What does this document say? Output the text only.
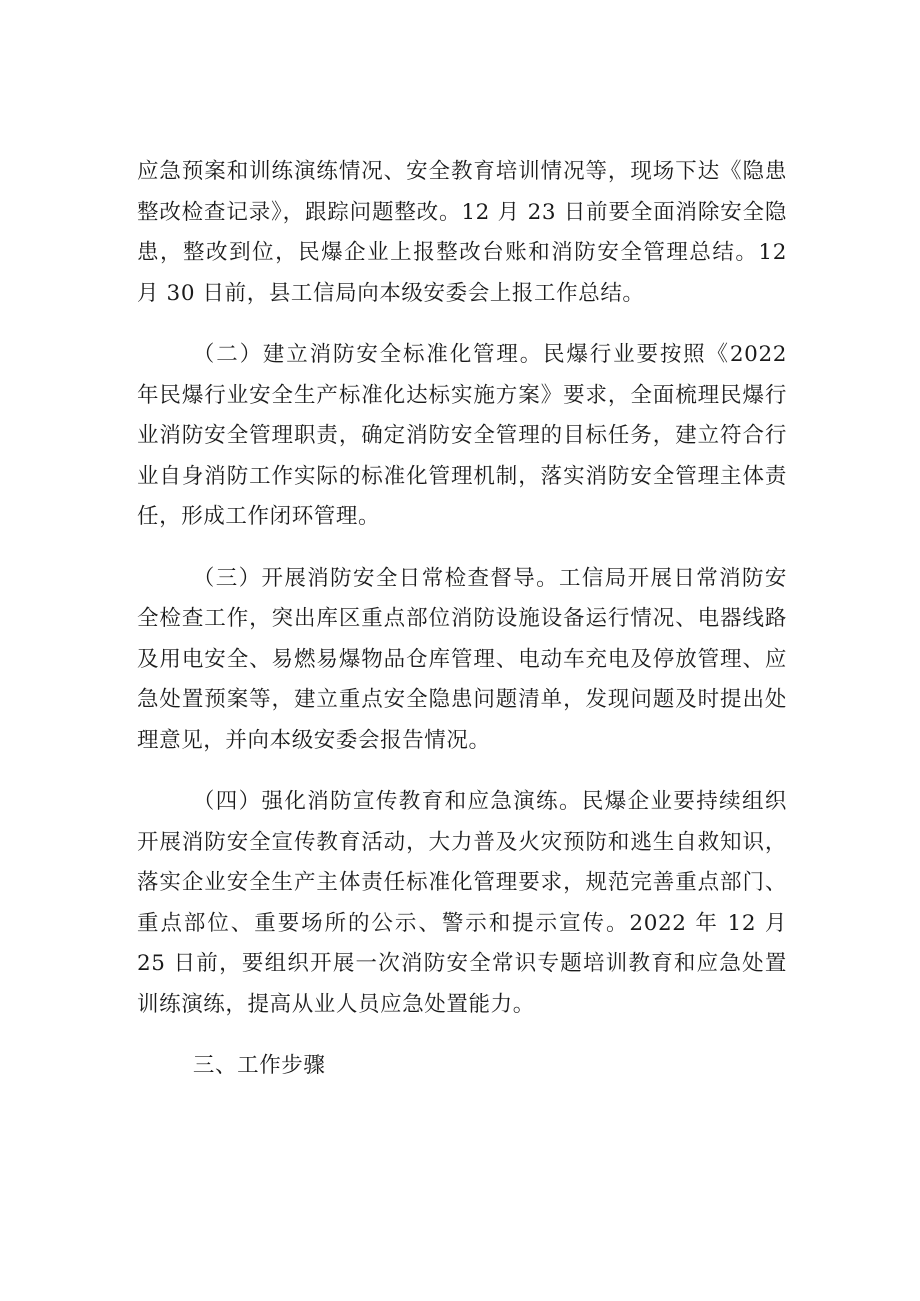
应急预案和训练演练情况、安全教育培训情况等，现场下达《隐患整改检查记录》，跟踪问题整改。12 月 23 日前要全面消除安全隐患，整改到位，民爆企业上报整改台账和消防安全管理总结。12 月 30 日前，县工信局向本级安委会上报工作总结。

（二）建立消防安全标准化管理。民爆行业要按照《2022 年民爆行业安全生产标准化达标实施方案》要求，全面梳理民爆行业消防安全管理职责，确定消防安全管理的目标任务，建立符合行业自身消防工作实际的标准化管理机制，落实消防安全管理主体责任，形成工作闭环管理。

（三）开展消防安全日常检查督导。工信局开展日常消防安全检查工作，突出库区重点部位消防设施设备运行情况、电器线路及用电安全、易燃易爆物品仓库管理、电动车充电及停放管理、应急处置预案等，建立重点安全隐患问题清单，发现问题及时提出处理意见，并向本级安委会报告情况。

（四）强化消防宣传教育和应急演练。民爆企业要持续组织开展消防安全宣传教育活动，大力普及火灾预防和逃生自救知识，落实企业安全生产主体责任标准化管理要求，规范完善重点部门、重点部位、重要场所的公示、警示和提示宣传。2022 年 12 月 25 日前，要组织开展一次消防安全常识专题培训教育和应急处置训练演练，提高从业人员应急处置能力。

三、工作步骤
